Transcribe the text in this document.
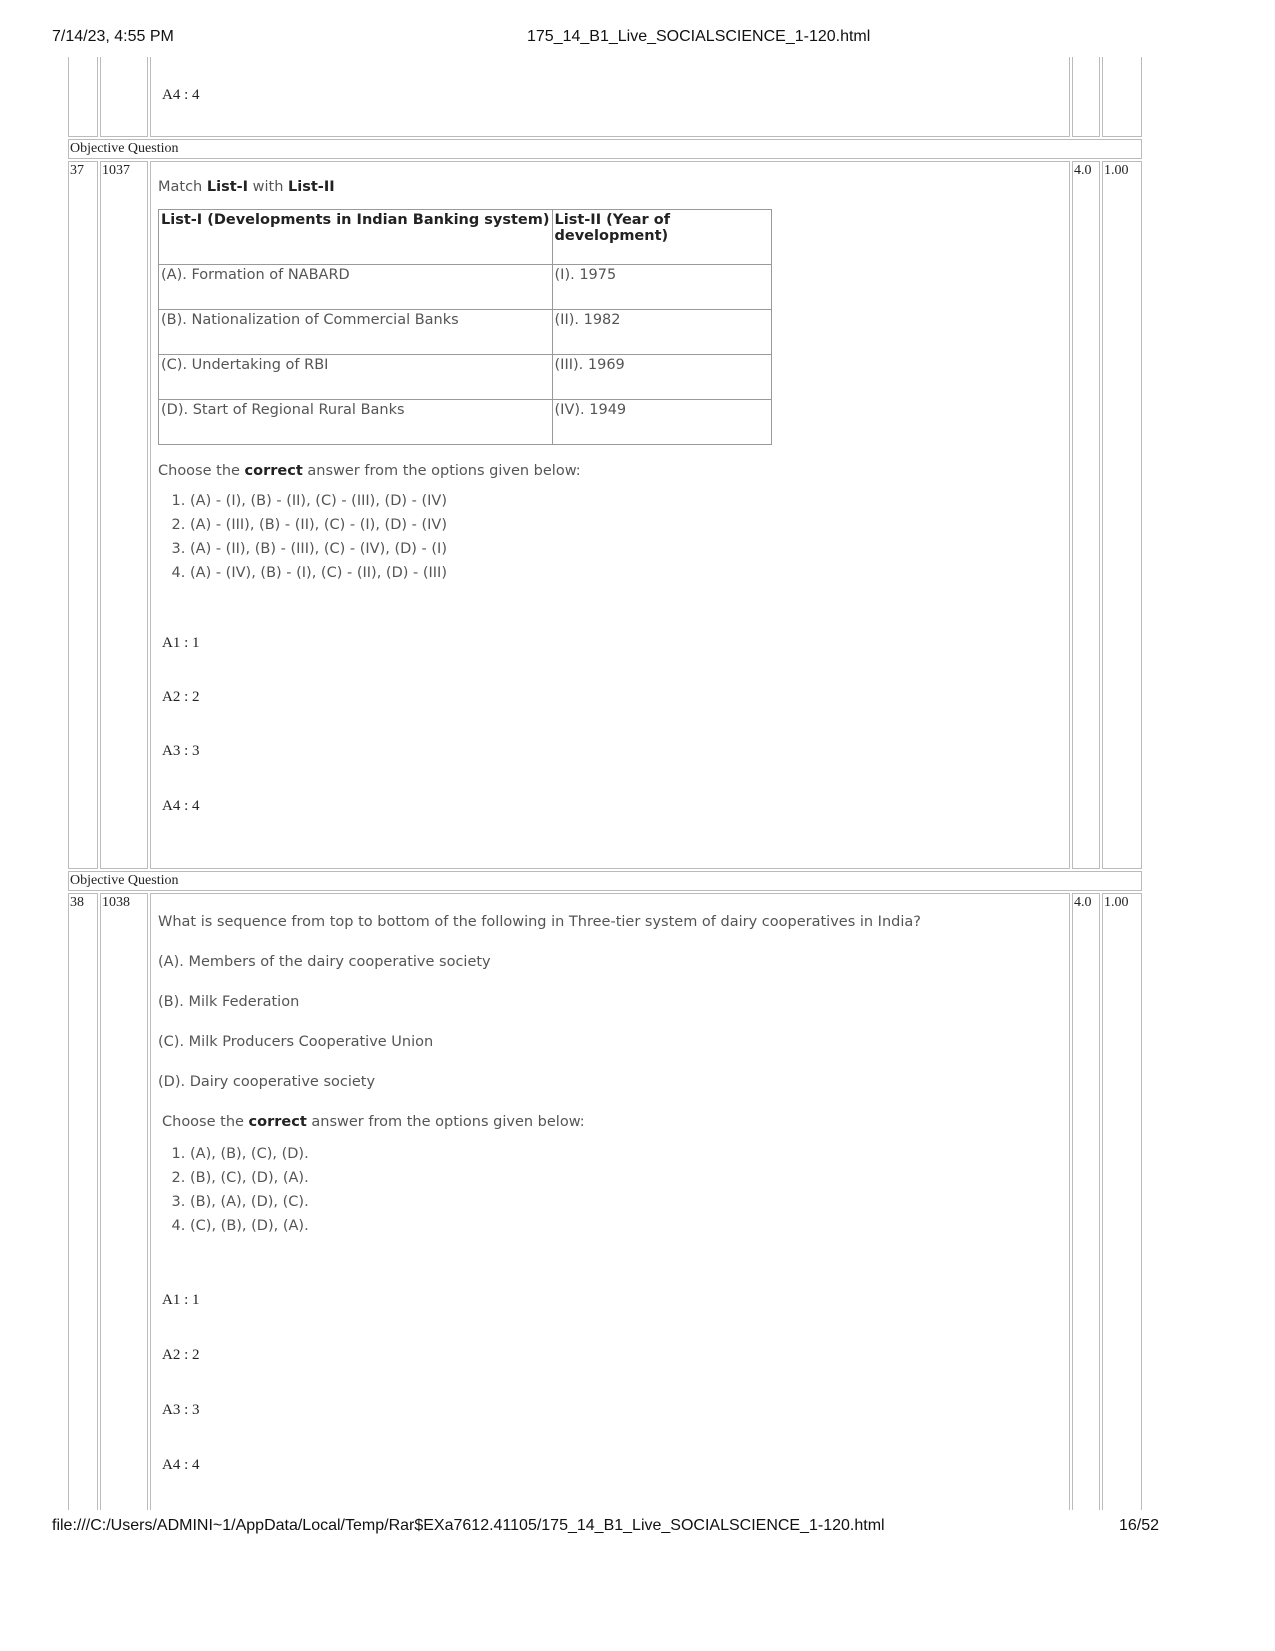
7/14/23, 4:55 PM	175_14_B1_Live_SOCIALSCIENCE_1-120.html

A4 : 4

Objective Question
37	1037	

Match List-I with List-II

List-I (Developments in Indian Banking system)	List-II (Year of development)
(A). Formation of NABARD	(I). 1975
(B). Nationalization of Commercial Banks	(II). 1982
(C). Undertaking of RBI	(III). 1969
(D). Start of Regional Rural Banks	(IV). 1949

Choose the correct answer from the options given below:

1. (A) - (I), (B) - (II), (C) - (III), (D) - (IV)
2. (A) - (III), (B) - (II), (C) - (I), (D) - (IV)
3. (A) - (II), (B) - (III), (C) - (IV), (D) - (I)
4. (A) - (IV), (B) - (I), (C) - (II), (D) - (III)
A1 : 1
A2 : 2
A3 : 3
A4 : 4
	4.0	1.00
Objective Question
38	1038	

What is sequence from top to bottom of the following in Three-tier system of dairy cooperatives in India?

(A). Members of the dairy cooperative society

(B). Milk Federation

(C). Milk Producers Cooperative Union

(D). Dairy cooperative society

Choose the correct answer from the options given below:

1. (A), (B), (C), (D).
2. (B), (C), (D), (A).
3. (B), (A), (D), (C).
4. (C), (B), (D), (A).
A1 : 1
A2 : 2
A3 : 3
A4 : 4
	4.0	1.00
file:///C:/Users/ADMINI~1/AppData/Local/Temp/Rar$EXa7612.41105/175_14_B1_Live_SOCIALSCIENCE_1-120.html	16/52
